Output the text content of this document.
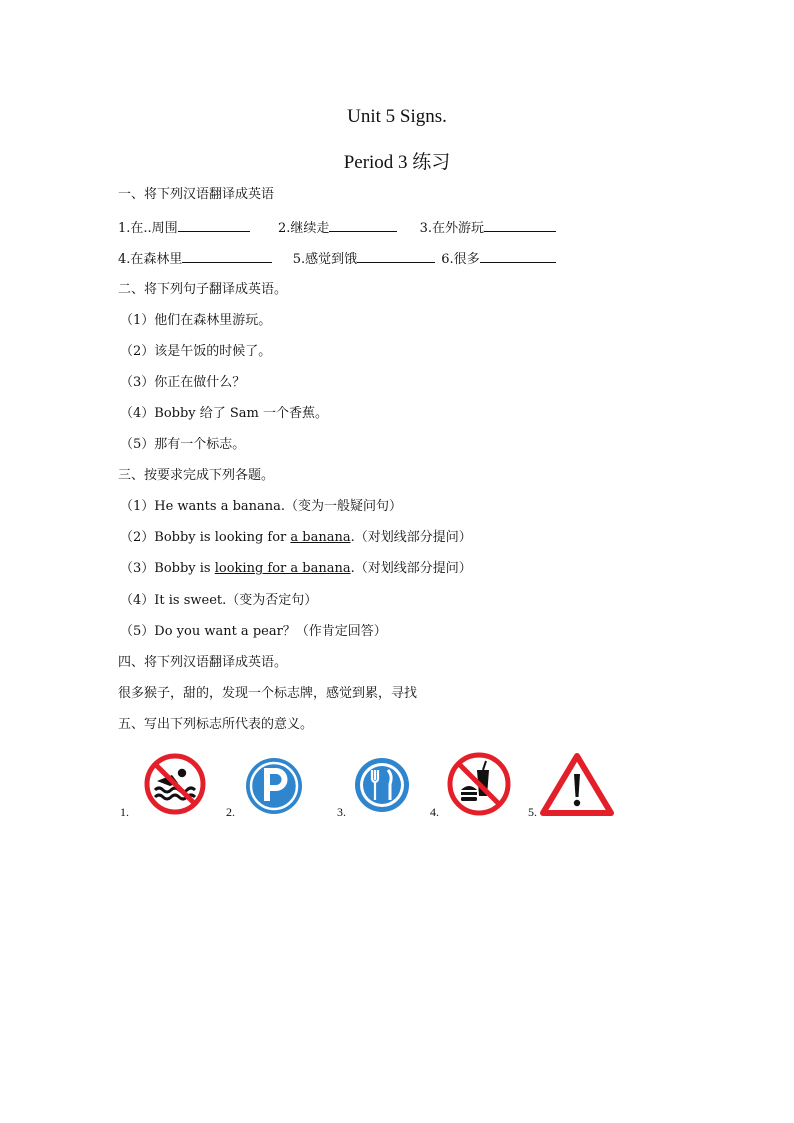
Unit 5 Signs.
Period 3 练习
一、将下列汉语翻译成英语
1.在..周围	2.继续走	3.在外游玩
4.在森林里	5.感觉到饿	6.很多
二、将下列句子翻译成英语。
（1）他们在森林里游玩。
（2）该是午饭的时候了。
（3）你正在做什么？
（4）Bobby 给了 Sam 一个香蕉。
（5）那有一个标志。
三、按要求完成下列各题。
（1）He wants a banana.（变为一般疑问句）
（2）Bobby is looking for a banana.（对划线部分提问）
（3）Bobby is looking for a banana.（对划线部分提问）
（4）It is sweet.（变为否定句）
（5）Do you want a pear？（作肯定回答）
四、将下列汉语翻译成英语。
很多猴子，甜的，发现一个标志牌，感觉到累，寻找
五、写出下列标志所代表的意义。
1.	2.	3.	4.	5.
